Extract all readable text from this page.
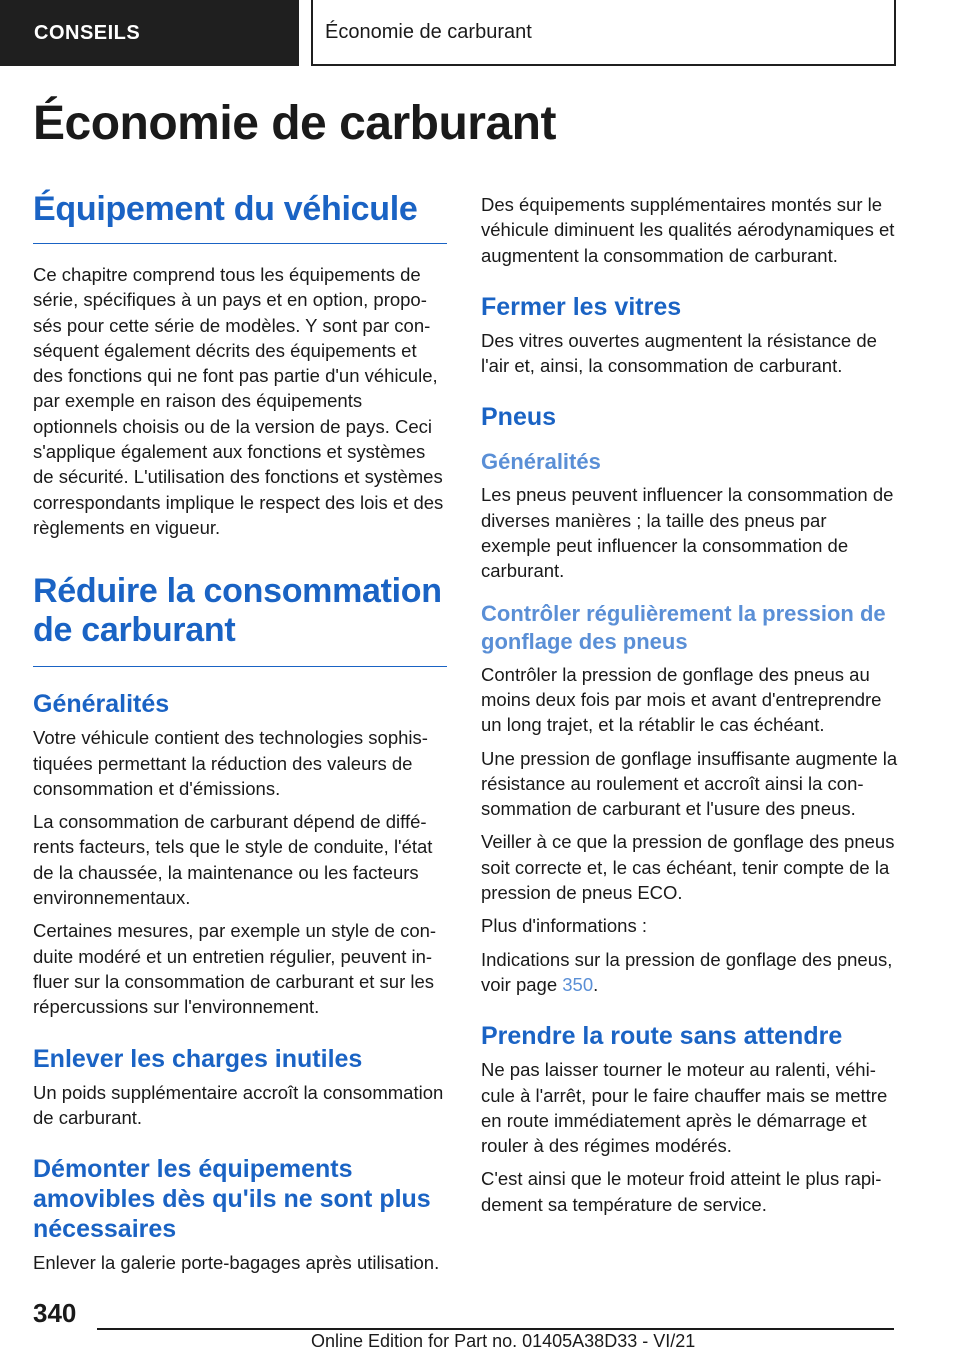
CONSEILS	Économie de carburant
Économie de carburant
Équipement du véhicule

Ce chapitre comprend tous les équipements de série, spécifiques à un pays et en option, proposés pour cette série de modèles. Y sont par conséquent également décrits des équipements et des fonctions qui ne font pas partie d'un véhicule, par exemple en raison des équipements optionnels choisis ou de la version de pays. Ceci s'applique également aux fonctions et systèmes de sécurité. L'utilisation des fonctions et systèmes correspondants implique le respect des lois et des règlements en vigueur.

Réduire la consommation de carburant
Généralités

Votre véhicule contient des technologies sophistiquées permettant la réduction des valeurs de consommation et d'émissions.

La consommation de carburant dépend de différents facteurs, tels que le style de conduite, l'état de la chaussée, la maintenance ou les facteurs environnementaux.

Certaines mesures, par exemple un style de conduite modéré et un entretien régulier, peuvent influer sur la consommation de carburant et sur les répercussions sur l'environnement.

Enlever les charges inutiles

Un poids supplémentaire accroît la consommation de carburant.

Démonter les équipements amovibles dès qu'ils ne sont plus nécessaires

Enlever la galerie porte-bagages après utilisation.

Des équipements supplémentaires montés sur le véhicule diminuent les qualités aérodynamiques et augmentent la consommation de carburant.

Fermer les vitres

Des vitres ouvertes augmentent la résistance de l'air et, ainsi, la consommation de carburant.

Pneus
Généralités

Les pneus peuvent influencer la consommation de diverses manières ; la taille des pneus par exemple peut influencer la consommation de carburant.

Contrôler régulièrement la pression de gonflage des pneus

Contrôler la pression de gonflage des pneus au moins deux fois par mois et avant d'entreprendre un long trajet, et la rétablir le cas échéant.

Une pression de gonflage insuffisante augmente la résistance au roulement et accroît ainsi la consommation de carburant et l'usure des pneus.

Veiller à ce que la pression de gonflage des pneus soit correcte et, le cas échéant, tenir compte de la pression de pneus ECO.

Plus d'informations :

Indications sur la pression de gonflage des pneus, voir page 350.

Prendre la route sans attendre

Ne pas laisser tourner le moteur au ralenti, véhicule à l'arrêt, pour le faire chauffer mais se mettre en route immédiatement après le démarrage et rouler à des régimes modérés.

C'est ainsi que le moteur froid atteint le plus rapidement sa température de service.

340
Online Edition for Part no. 01405A38D33 - VI/21
